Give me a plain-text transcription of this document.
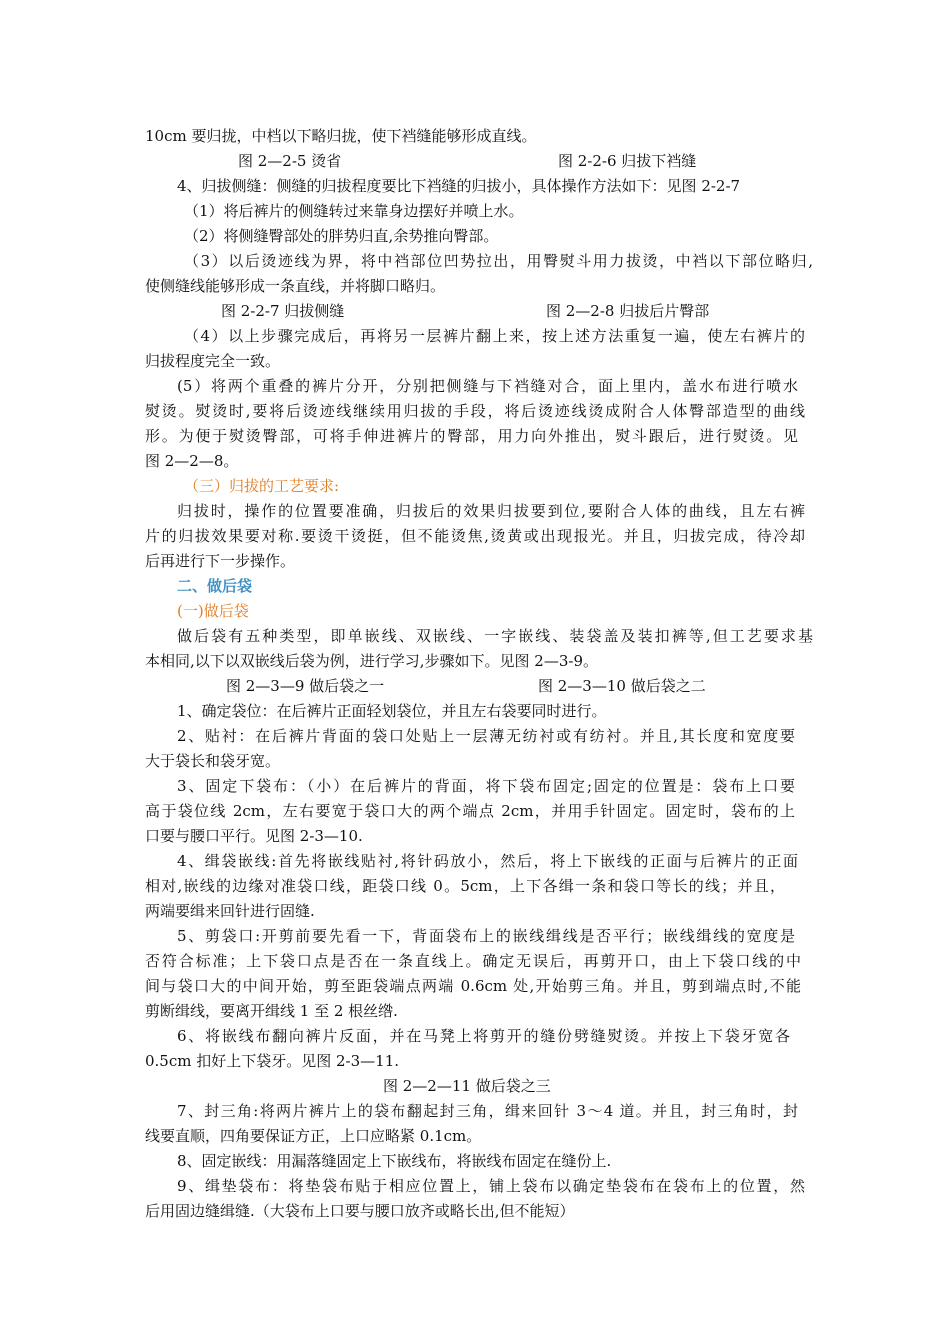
10cm 要归拢，中档以下略归拢，使下裆缝能够形成直线。
图 2—2-5 烫省	图 2-2-6 归拔下裆缝
4、归拔侧缝：侧缝的归拔程度要比下裆缝的归拔小，具体操作方法如下：见图 2-2-7
（1）将后裤片的侧缝转过来靠身边摆好并喷上水。
（2）将侧缝臀部处的胖势归直,余势推向臀部。
（3）以后烫迹线为界，将中裆部位凹势拉出，用臀熨斗用力拔烫，中裆以下部位略归,
使侧缝线能够形成一条直线，并将脚口略归。
图 2-2-7 归拔侧缝	图 2—2-8 归拔后片臀部
（4）以上步骤完成后，再将另一层裤片翻上来，按上述方法重复一遍，使左右裤片的
归拔程度完全一致。
(5）将两个重叠的裤片分开，分别把侧缝与下裆缝对合，面上里内，盖水布进行喷水
熨烫。熨烫时,要将后烫迹线继续用归拔的手段，将后烫迹线烫成附合人体臀部造型的曲线
形。为便于熨烫臀部，可将手伸进裤片的臀部，用力向外推出，熨斗跟后，进行熨烫。见
图 2—2—8。
（三）归拔的工艺要求:
归拔时，操作的位置要准确，归拔后的效果归拔要到位,要附合人体的曲线，且左右裤
片的归拔效果要对称.要烫干烫挺，但不能烫焦,烫黄或出现报光。并且，归拔完成，待冷却
后再进行下一步操作。
二、做后袋
(一)做后袋
做后袋有五种类型，即单嵌线、双嵌线、一字嵌线、装袋盖及装扣裤等,但工艺要求基
本相同,以下以双嵌线后袋为例，进行学习,步骤如下。见图 2—3-9。
图 2—3—9 做后袋之一	图 2—3—10 做后袋之二
1、确定袋位：在后裤片正面轻划袋位，并且左右袋要同时进行。
2、贴衬：在后裤片背面的袋口处贴上一层薄无纺衬或有纺衬。并且,其长度和宽度要
大于袋长和袋牙宽。
3、固定下袋布：（小）在后裤片的背面，将下袋布固定;固定的位置是：袋布上口要
高于袋位线 2cm，左右要宽于袋口大的两个端点 2cm，并用手针固定。固定时，袋布的上
口要与腰口平行。见图 2-3—10.
4、缉袋嵌线:首先将嵌线贴衬,将针码放小，然后，将上下嵌线的正面与后裤片的正面
相对,嵌线的边缘对准袋口线，距袋口线 0。5cm，上下各缉一条和袋口等长的线；并且，
两端要缉来回针进行固缝.
5、剪袋口:开剪前要先看一下，背面袋布上的嵌线缉线是否平行；嵌线缉线的宽度是
否符合标准；上下袋口点是否在一条直线上。确定无误后，再剪开口，由上下袋口线的中
间与袋口大的中间开始，剪至距袋端点两端 0.6cm 处,开始剪三角。并且，剪到端点时,不能
剪断缉线，要离开缉线 1 至 2 根丝绺.
6、将嵌线布翻向裤片反面，并在马凳上将剪开的缝份劈缝熨烫。并按上下袋牙宽各
0.5cm 扣好上下袋牙。见图 2-3—11.
图 2—2—11 做后袋之三
7、封三角:将两片裤片上的袋布翻起封三角，缉来回针 3～4 道。并且，封三角时，封
线要直顺，四角要保证方正，上口应略紧 0.1cm。
8、固定嵌线：用漏落缝固定上下嵌线布，将嵌线布固定在缝份上.
9、缉垫袋布：将垫袋布贴于相应位置上，铺上袋布以确定垫袋布在袋布上的位置，然
后用固边缝缉缝.（大袋布上口要与腰口放齐或略长出,但不能短）
